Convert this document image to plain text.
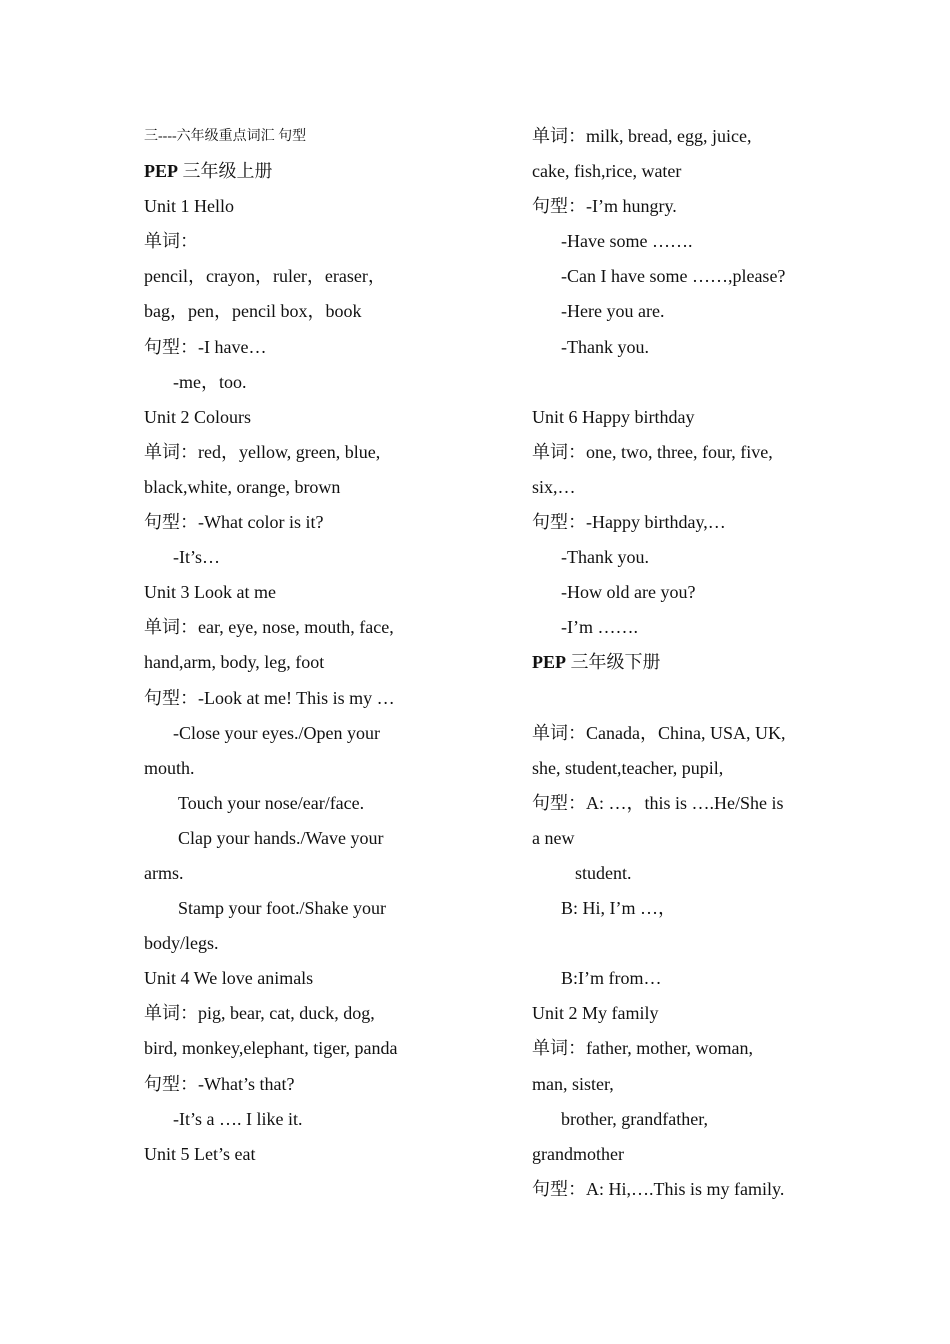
三----六年级重点词汇 句型
PEP 三年级上册
Unit 1 Hello
单词：
pencil，crayon，ruler，eraser，
bag，pen，pencil box，book
句型：-I have…
-me，too.
Unit 2 Colours
单词：red，yellow, green, blue,
black,white, orange, brown
句型：-What color is it?
-It’s…
Unit 3 Look at me
单词：ear, eye, nose, mouth, face,
hand,arm, body, leg, foot
句型：-Look at me! This is my …
-Close your eyes./Open your
mouth.
Touch your nose/ear/face.
Clap your hands./Wave your
arms.
Stamp your foot./Shake your
body/legs.
Unit 4 We love animals
单词：pig, bear, cat, duck, dog,
bird, monkey,elephant, tiger, panda
句型：-What’s that?
-It’s a …. I like it.
Unit 5 Let’s eat
单词：milk, bread, egg, juice,
cake, fish,rice, water
句型：-I’m hungry.
-Have some …….
-Can I have some ……,please?
-Here you are.
-Thank you.
Unit 6 Happy birthday
单词：one, two, three, four, five,
six,…
句型：-Happy birthday,…
-Thank you.
-How old are you?
-I’m …….
PEP 三年级下册
单词：Canada，China, USA, UK,
she, student,teacher, pupil,
句型：A: …，this is ….He/She is
a new
student.
B: Hi, I’m …，
B:I’m from…
Unit 2 My family
单词：father, mother, woman,
man, sister,
brother, grandfather,
grandmother
句型：A: Hi,….This is my family.
